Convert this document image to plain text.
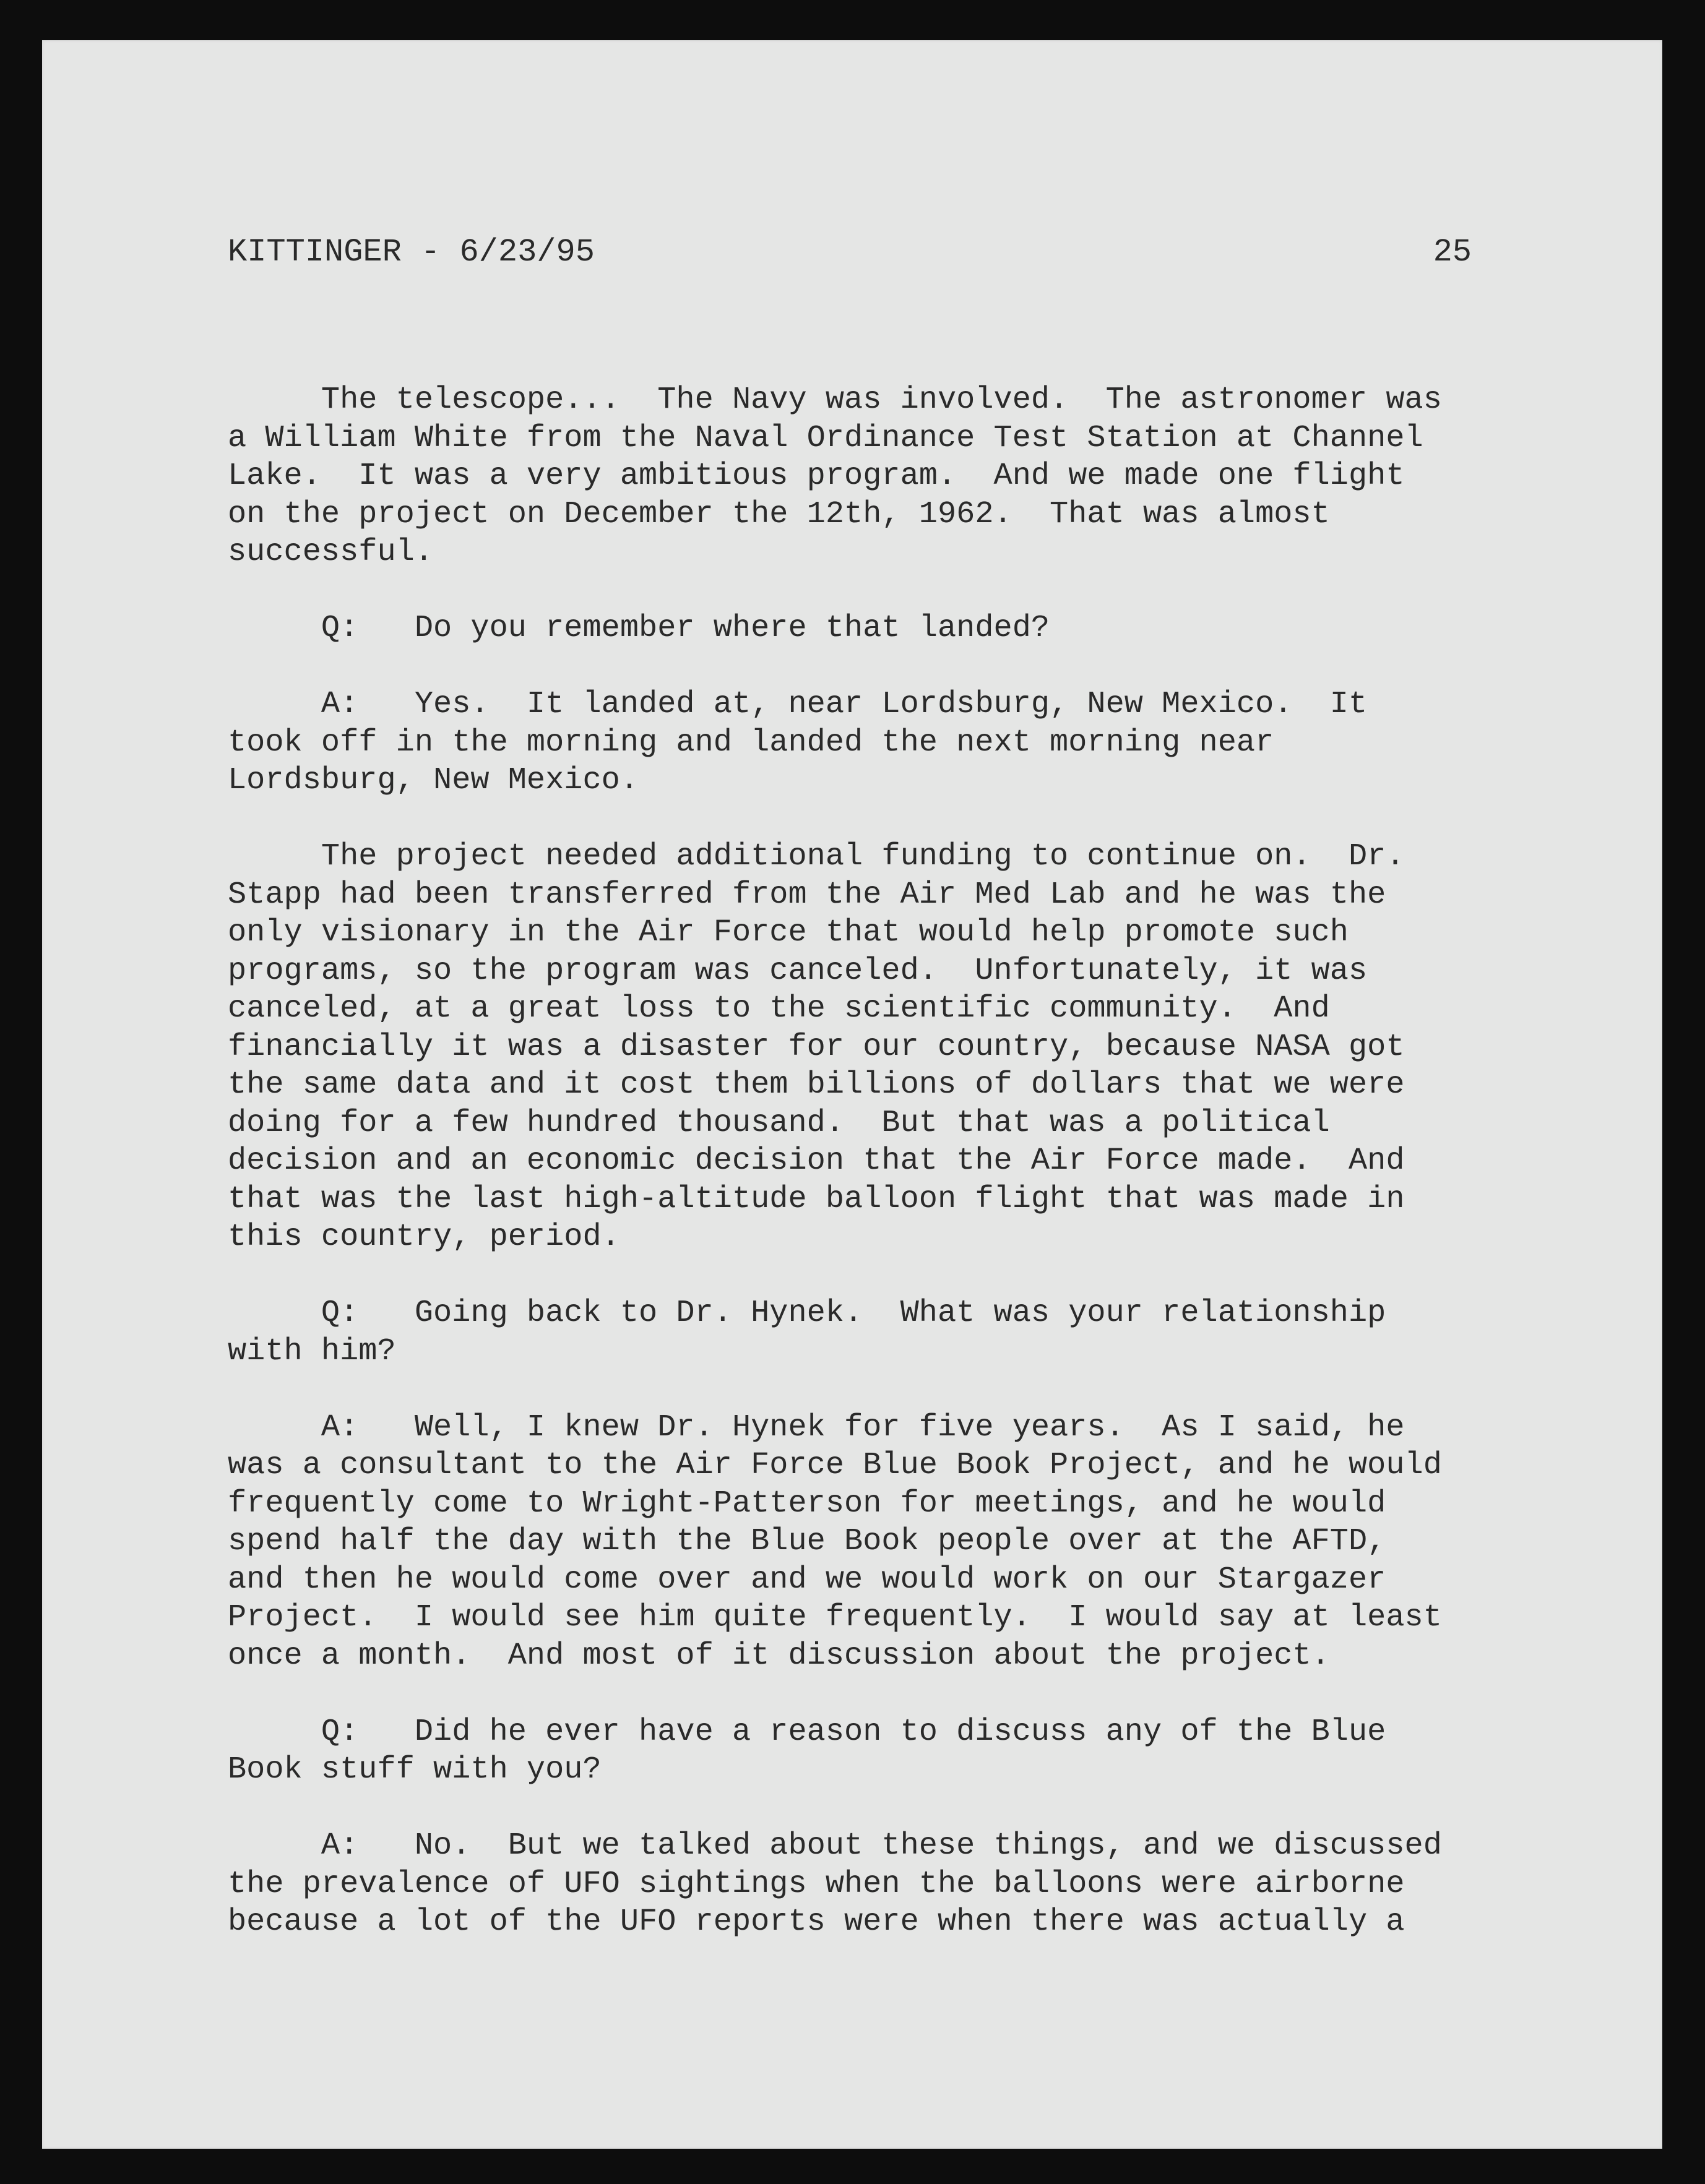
KITTINGER - 6/23/95	25
The telescope...  The Navy was involved.  The astronomer was
a William White from the Naval Ordinance Test Station at Channel
Lake.  It was a very ambitious program.  And we made one flight
on the project on December the 12th, 1962.  That was almost
successful.
Q:   Do you remember where that landed?
A:   Yes.  It landed at, near Lordsburg, New Mexico.  It
took off in the morning and landed the next morning near
Lordsburg, New Mexico.
The project needed additional funding to continue on.  Dr.
Stapp had been transferred from the Air Med Lab and he was the
only visionary in the Air Force that would help promote such
programs, so the program was canceled.  Unfortunately, it was
canceled, at a great loss to the scientific community.  And
financially it was a disaster for our country, because NASA got
the same data and it cost them billions of dollars that we were
doing for a few hundred thousand.  But that was a political
decision and an economic decision that the Air Force made.  And
that was the last high-altitude balloon flight that was made in
this country, period.
Q:   Going back to Dr. Hynek.  What was your relationship
with him?
A:   Well, I knew Dr. Hynek for five years.  As I said, he
was a consultant to the Air Force Blue Book Project, and he would
frequently come to Wright-Patterson for meetings, and he would
spend half the day with the Blue Book people over at the AFTD,
and then he would come over and we would work on our Stargazer
Project.  I would see him quite frequently.  I would say at least
once a month.  And most of it discussion about the project.
Q:   Did he ever have a reason to discuss any of the Blue
Book stuff with you?
A:   No.  But we talked about these things, and we discussed
the prevalence of UFO sightings when the balloons were airborne
because a lot of the UFO reports were when there was actually a
